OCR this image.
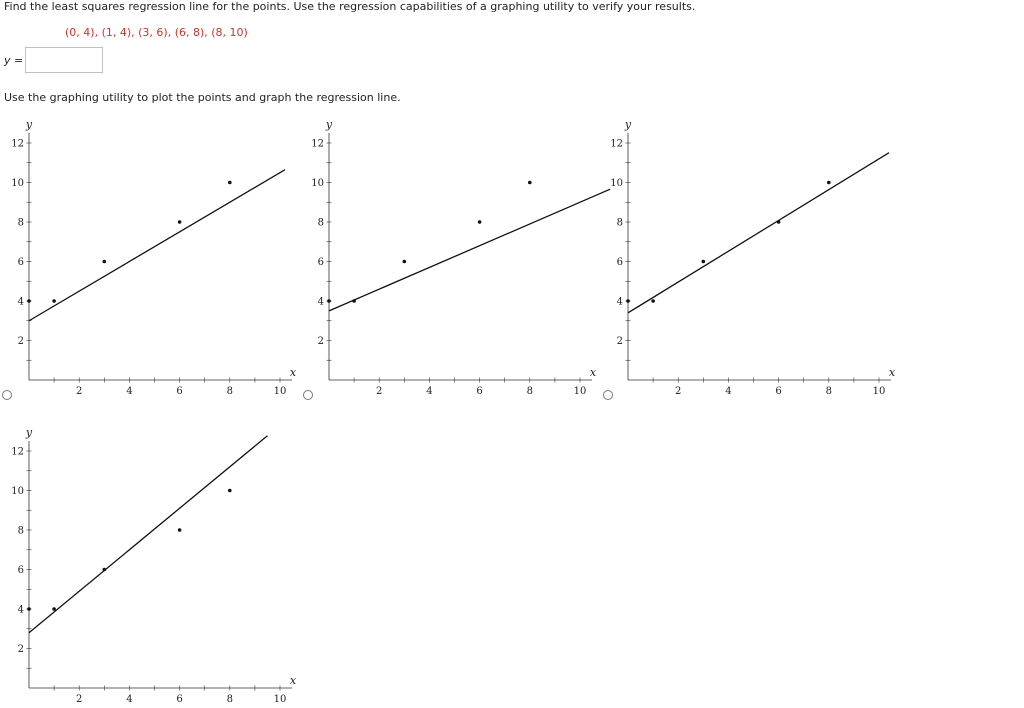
Find the least squares regression line for the points. Use the regression capabilities of a graphing utility to verify your results.
(0, 4), (1, 4), (3, 6), (6, 8), (8, 10)
y =
Use the graphing utility to plot the points and graph the regression line.
2	4	6	8	10
2
4
6
8
10
12
x
y
2	4	6	8	10
2
4
6
8
10
12
x
y
2	4	6	8	10
2
4
6
8
10
12
x
y
2	4	6	8	10
2
4
6
8
10
12
x
y
